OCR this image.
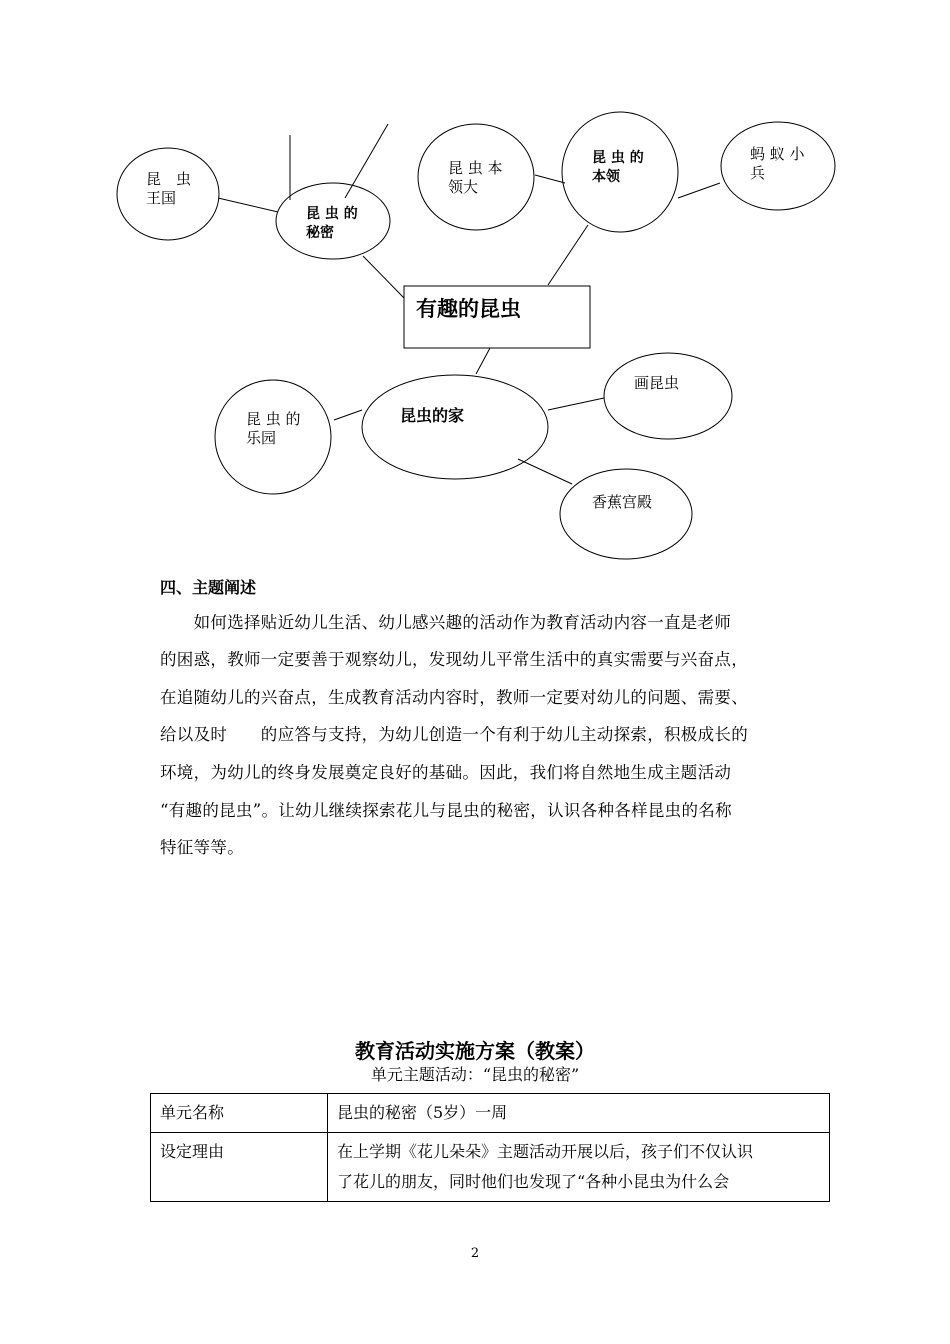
有趣的昆虫
昆　虫
王国
昆 虫 的
秘密
昆 虫 本
领大
昆 虫 的
本领
蚂 蚁 小
兵
昆虫的家
昆 虫 的
乐园
画昆虫
香蕉宫殿
四、主题阐述
　　如何选择贴近幼儿生活、幼儿感兴趣的活动作为教育活动内容一直是老师
的困惑，教师一定要善于观察幼儿，发现幼儿平常生活中的真实需要与兴奋点，
在追随幼儿的兴奋点，生成教育活动内容时，教师一定要对幼儿的问题、需要、
给以及时　　的应答与支持，为幼儿创造一个有利于幼儿主动探索，积极成长的
环境，为幼儿的终身发展奠定良好的基础。因此，我们将自然地生成主题活动
“有趣的昆虫”。让幼儿继续探索花儿与昆虫的秘密，认识各种各样昆虫的名称
特征等等。
教育活动实施方案（教案）
单元主题活动：“昆虫的秘密”
单元名称	昆虫的秘密（5岁）一周
设定理由	在上学期《花儿朵朵》主题活动开展以后，孩子们不仅认识
了花儿的朋友，同时他们也发现了“各种小昆虫为什么会
2
